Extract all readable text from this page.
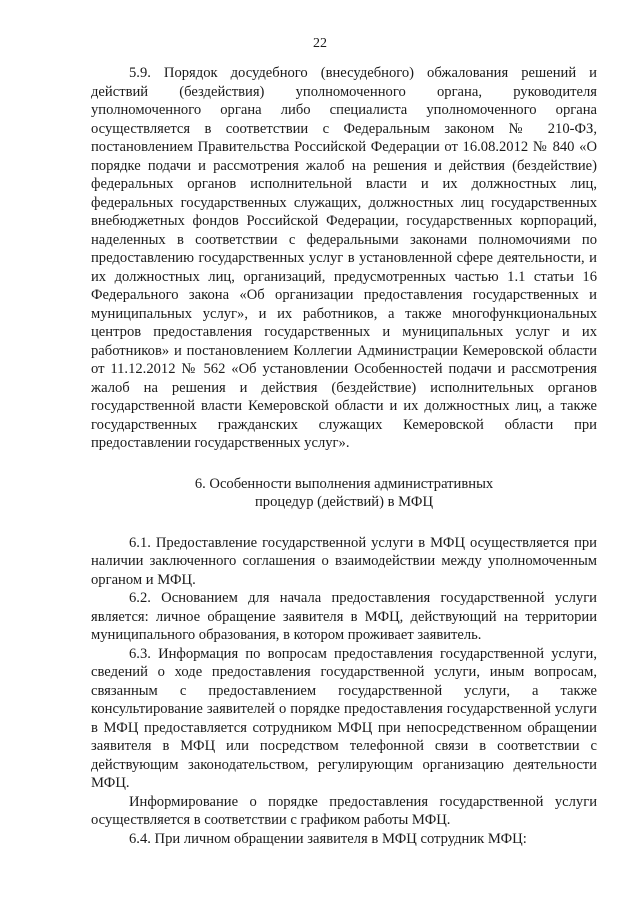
22

5.9. Порядок досудебного (внесудебного) обжалования решений и действий (бездействия) уполномоченного органа, руководителя уполномоченного органа либо специалиста уполномоченного органа осуществляется в соответствии с Федеральным законом № 210-ФЗ, постановлением Правительства Российской Федерации от 16.08.2012 № 840 «О порядке подачи и рассмотрения жалоб на решения и действия (бездействие) федеральных органов исполнительной власти и их должностных лиц, федеральных государственных служащих, должностных лиц государственных внебюджетных фондов Российской Федерации, государственных корпораций, наделенных в соответствии с федеральными законами полномочиями по предоставлению государственных услуг в установленной сфере деятельности, и их должностных лиц, организаций, предусмотренных частью 1.1 статьи 16 Федерального закона «Об организации предоставления государственных и муниципальных услуг», и их работников, а также многофункциональных центров предоставления государственных и муниципальных услуг и их работников» и постановлением Коллегии Администрации Кемеровской области от 11.12.2012 № 562 «Об установлении Особенностей подачи и рассмотрения жалоб на решения и действия (бездействие) исполнительных органов государственной власти Кемеровской области и их должностных лиц, а также государственных гражданских служащих Кемеровской области при предоставлении государственных услуг».

6. Особенности выполнения административных
процедур (действий) в МФЦ

6.1. Предоставление государственной услуги в МФЦ осуществляется при наличии заключенного соглашения о взаимодействии между уполномоченным органом и МФЦ.

6.2. Основанием для начала предоставления государственной услуги является: личное обращение заявителя в МФЦ, действующий на территории муниципального образования, в котором проживает заявитель.

6.3. Информация по вопросам предоставления государственной услуги, сведений о ходе предоставления государственной услуги, иным вопросам, связанным с предоставлением государственной услуги, а также консультирование заявителей о порядке предоставления государственной услуги в МФЦ предоставляется сотрудником МФЦ при непосредственном обращении заявителя в МФЦ или посредством телефонной связи в соответствии с действующим законодательством, регулирующим организацию деятельности МФЦ.

Информирование о порядке предоставления государственной услуги осуществляется в соответствии с графиком работы МФЦ.

6.4. При личном обращении заявителя в МФЦ сотрудник МФЦ:
